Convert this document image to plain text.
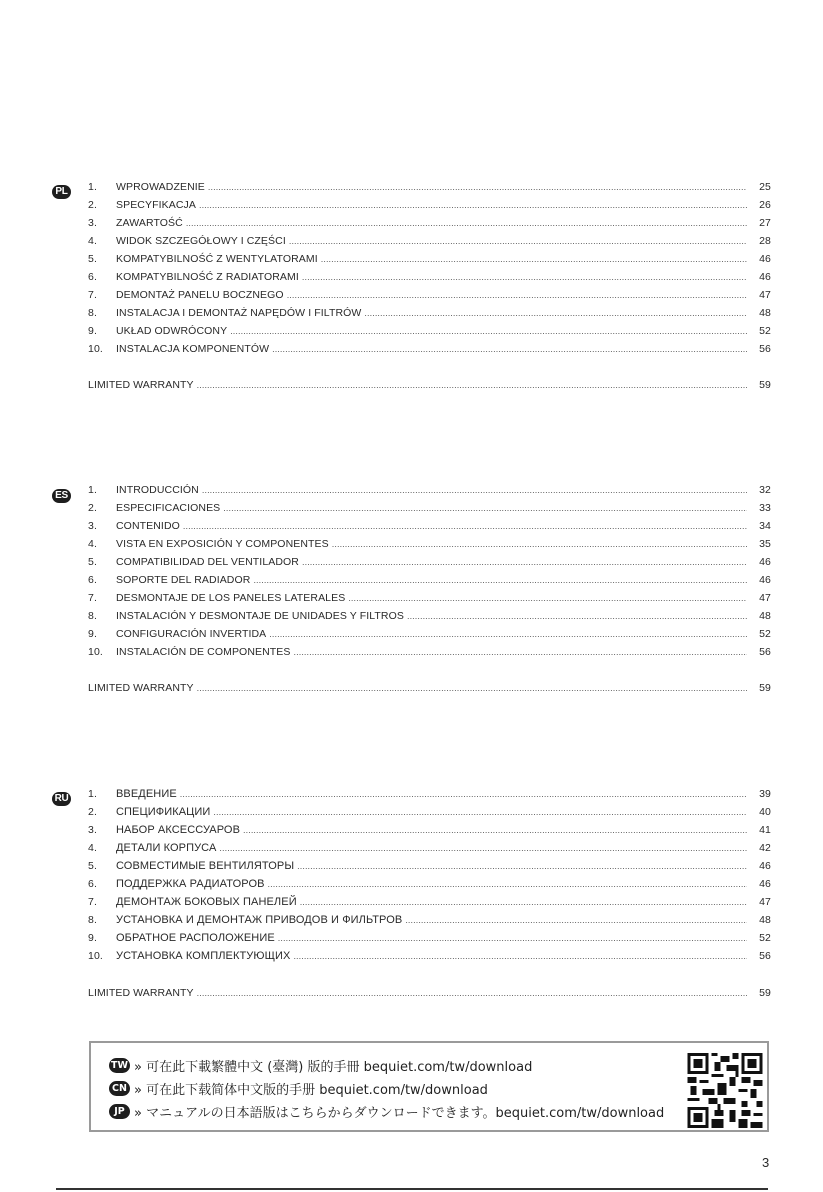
PL	1.	WPROWADZENIE .....	25
2.	SPECYFIKACJA .....	26
3.	ZAWARTOŚĆ .....	27
4.	WIDOK SZCZEGÓŁOWY I CZĘŚCI .....	28
5.	KOMPATYBILNOŚĆ Z WENTYLATORAMI .....	46
6.	KOMPATYBILNOŚĆ Z RADIATORAMI .....	46
7.	DEMONTAŻ PANELU BOCZNEGO .....	47
8.	INSTALACJA I DEMONTAŻ NAPĘDÓW I FILTRÓW .....	48
9.	UKŁAD ODWRÓCONY .....	52
10.	INSTALACJA KOMPONENTÓW .....	56
LIMITED WARRANTY .....	59
ES 1.	INTRODUCCIÓN .....	32
2.	ESPECIFICACIONES .....	33
3.	CONTENIDO .....	34
4.	VISTA EN EXPOSICIÓN Y COMPONENTES .....	35
5.	COMPATIBILIDAD DEL VENTILADOR .....	46
6.	SOPORTE DEL RADIADOR .....	46
7.	DESMONTAJE DE LOS PANELES LATERALES .....	47
8.	INSTALACIÓN Y DESMONTAJE DE UNIDADES Y FILTROS .....	48
9.	CONFIGURACIÓN INVERTIDA .....	52
10.	INSTALACIÓN DE COMPONENTES .....	56
LIMITED WARRANTY .....	59
RU 1.	ВВЕДЕНИЕ .....	39
2.	СПЕЦИФИКАЦИИ .....	40
3.	НАБОР АКСЕССУАРОВ .....	41
4.	ДЕТАЛИ КОРПУСА .....	42
5.	СОВМЕСТИМЫЕ ВЕНТИЛЯТОРЫ .....	46
6.	ПОДДЕРЖКА РАДИАТОРОВ .....	46
7.	ДЕМОНТАЖ БОКОВЫХ ПАНЕЛЕЙ .....	47
8.	УСТАНОВКА И ДЕМОНТАЖ ПРИВОДОВ И ФИЛЬТРОВ .....	48
9.	ОБРАТНОЕ РАСПОЛОЖЕНИЕ .....	52
10.	УСТАНОВКА КОМПЛЕКТУЮЩИХ .....	56
LIMITED WARRANTY .....	59
TW » 可在此下載繁體中文 (臺灣) 版的手冊 bequiet.com/tw/download
CN » 可在此下载简体中文版的手册 bequiet.com/tw/download
JP » マニュアルの日本語版はこちらからダウンロードできます。bequiet.com/tw/download
3
